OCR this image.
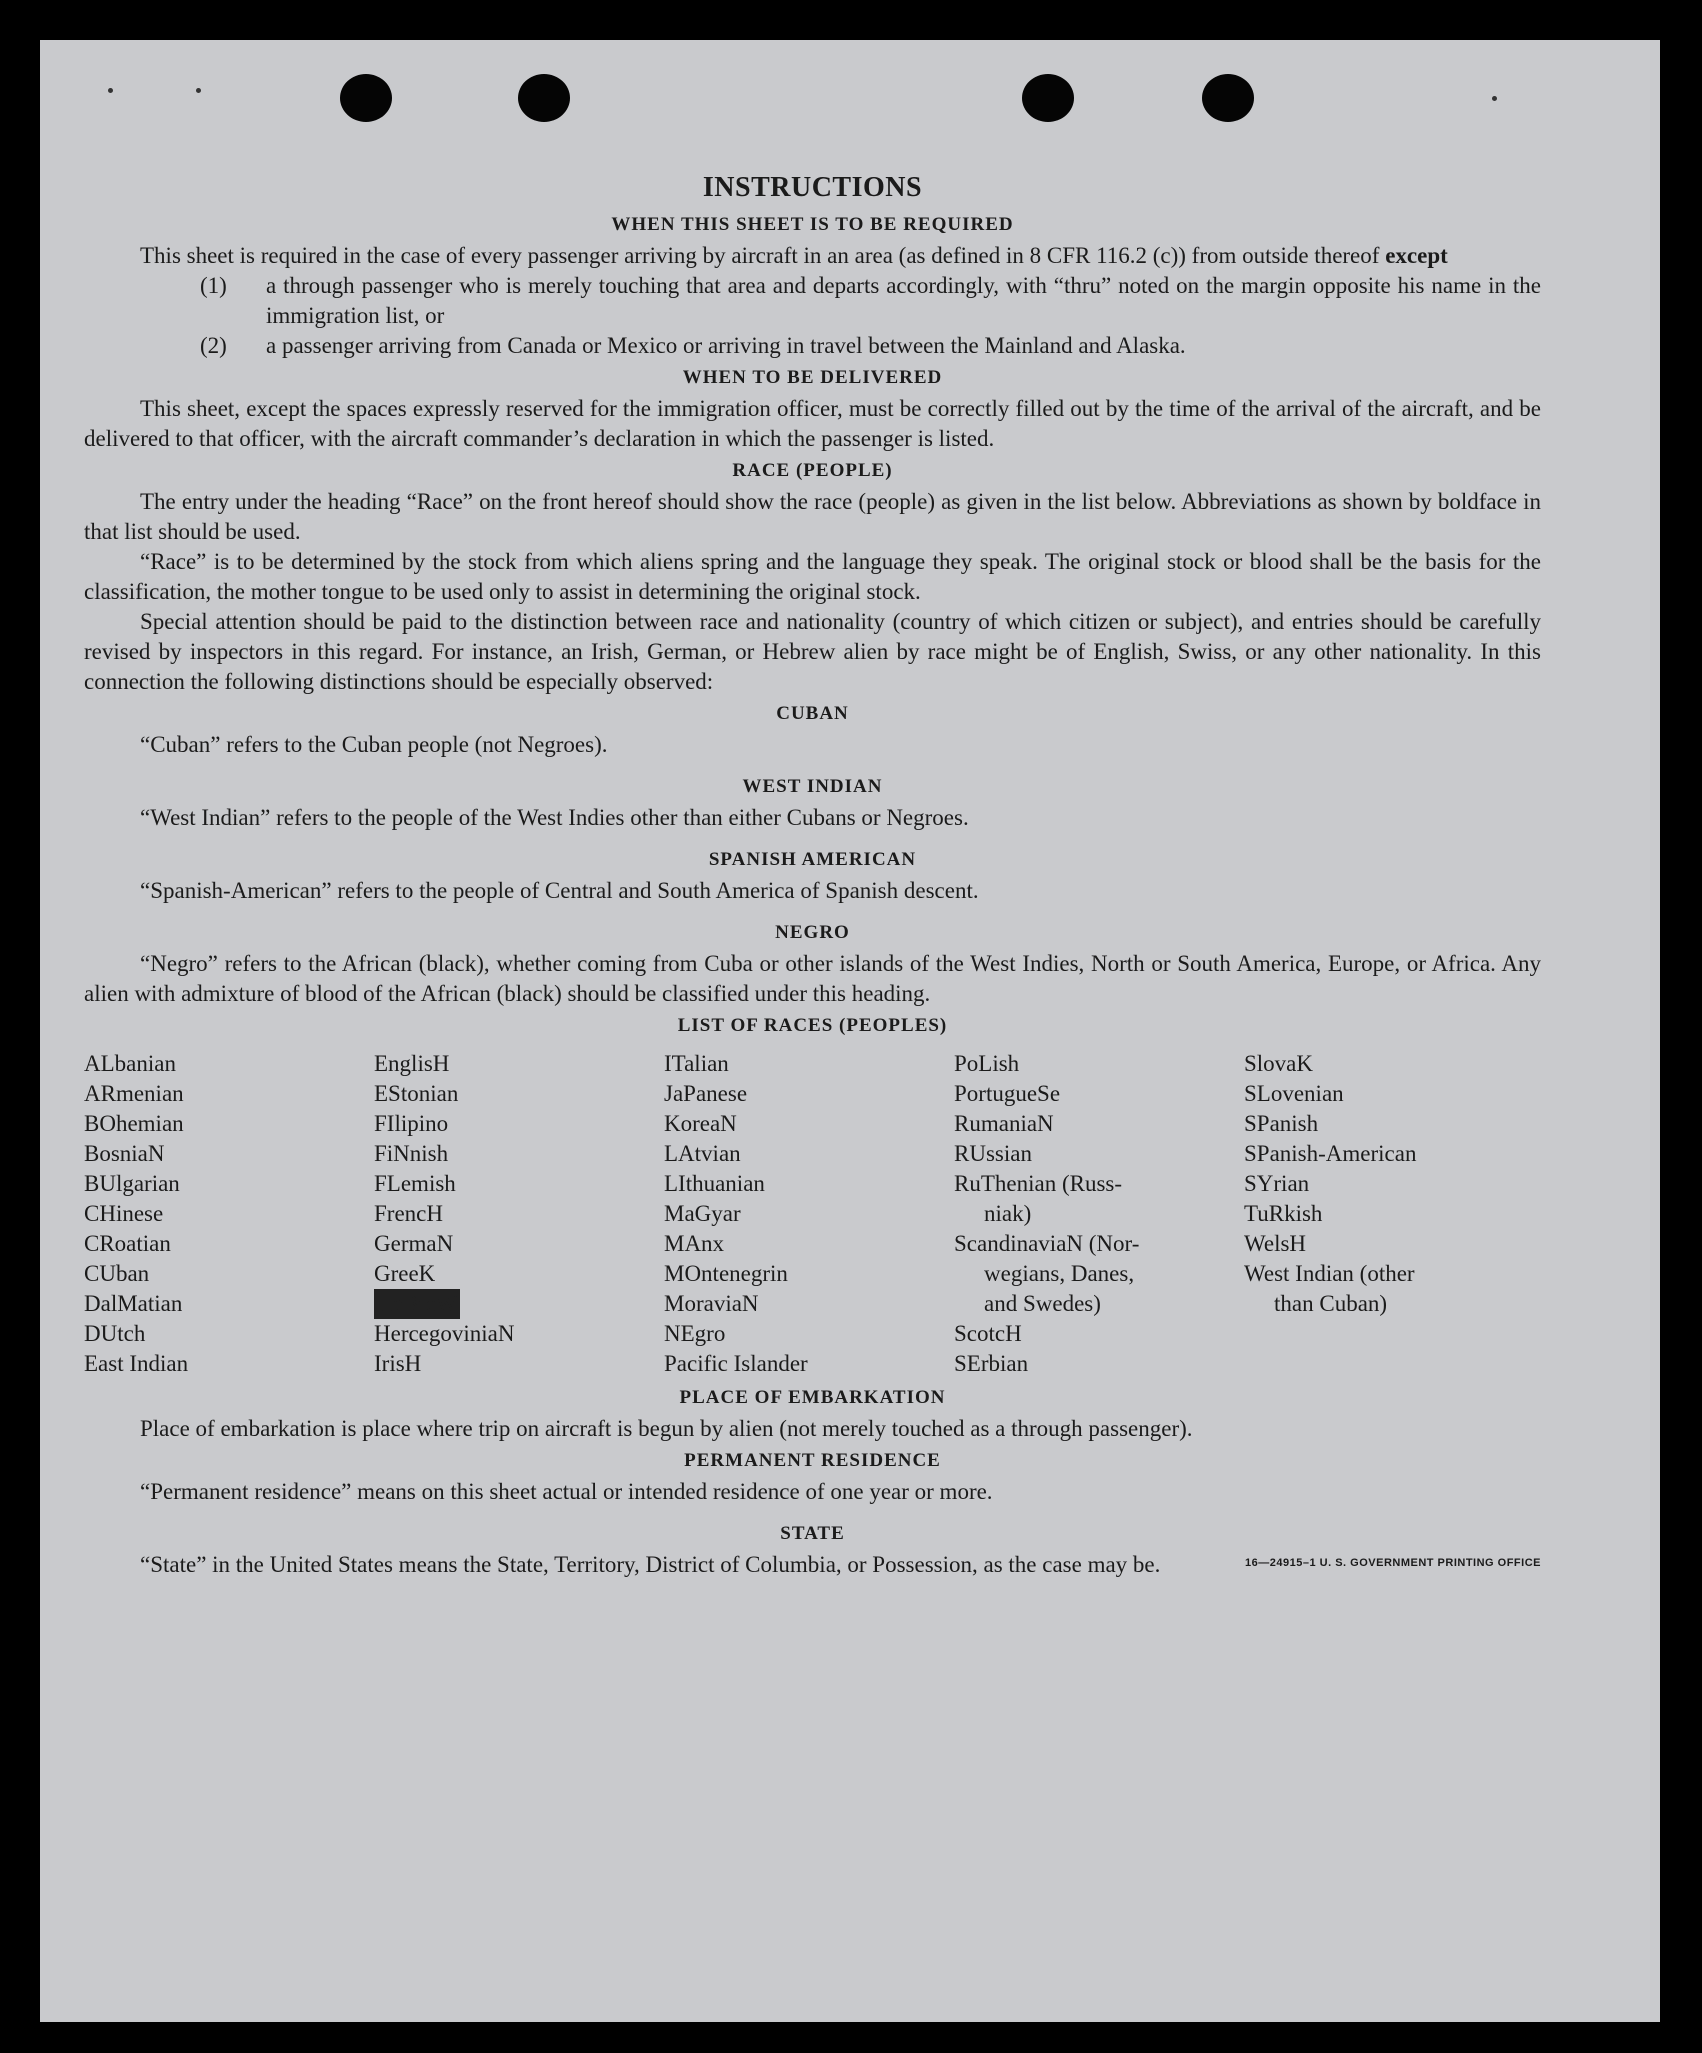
INSTRUCTIONS
WHEN THIS SHEET IS TO BE REQUIRED

This sheet is required in the case of every passenger arriving by aircraft in an area (as defined in 8 CFR 116.2 (c)) from outside thereof except

(1)	a through passenger who is merely touching that area and departs accordingly, with “thru” noted on the margin opposite his name in the immigration list, or
(2)	a passenger arriving from Canada or Mexico or arriving in travel between the Mainland and Alaska.
WHEN TO BE DELIVERED

This sheet, except the spaces expressly reserved for the immigration officer, must be correctly filled out by the time of the arrival of the aircraft, and be delivered to that officer, with the aircraft commander’s declaration in which the passenger is listed.

RACE (PEOPLE)

The entry under the heading “Race” on the front hereof should show the race (people) as given in the list below. Abbreviations as shown by boldface in that list should be used.

“Race” is to be determined by the stock from which aliens spring and the language they speak. The original stock or blood shall be the basis for the classification, the mother tongue to be used only to assist in determining the original stock.

Special attention should be paid to the distinction between race and nationality (country of which citizen or subject), and entries should be carefully revised by inspectors in this regard. For instance, an Irish, German, or Hebrew alien by race might be of English, Swiss, or any other nationality. In this connection the following distinctions should be especially observed:

CUBAN

“Cuban” refers to the Cuban people (not Negroes).

WEST INDIAN

“West Indian” refers to the people of the West Indies other than either Cubans or Negroes.

SPANISH AMERICAN

“Spanish-American” refers to the people of Central and South America of Spanish descent.

NEGRO

“Negro” refers to the African (black), whether coming from Cuba or other islands of the West Indies, North or South America, Europe, or Africa. Any alien with admixture of blood of the African (black) should be classified under this heading.

LIST OF RACES (PEOPLES)
ALbanian
ARmenian
BOhemian
BosniaN
BUlgarian
CHinese
CRoatian
CUban
DalMatian
DUtch
East Indian
EnglisH
EStonian
FIlipino
FiNnish
FLemish
FrencH
GermaN
GreeK
HeBreW
HercegoviniaN
IrisH
ITalian
JaPanese
KoreaN
LAtvian
LIthuanian
MaGyar
MAnx
MOntenegrin
MoraviaN
NEgro
Pacific Islander
PoLish
PortugueSe
RumaniaN
RUssian
RuThenian (Russ-
niak)
ScandinaviaN (Nor-
wegians, Danes,
and Swedes)
ScotcH
SErbian
SlovaK
SLovenian
SPanish
SPanish-American
SYrian
TuRkish
WelsH
West Indian (other
than Cuban)
PLACE OF EMBARKATION

Place of embarkation is place where trip on aircraft is begun by alien (not merely touched as a through passenger).

PERMANENT RESIDENCE

“Permanent residence” means on this sheet actual or intended residence of one year or more.

STATE

“State” in the United States means the State, Territory, District of Columbia, or Possession, as the case may be.	16—24915–1 U. S. GOVERNMENT PRINTING OFFICE
